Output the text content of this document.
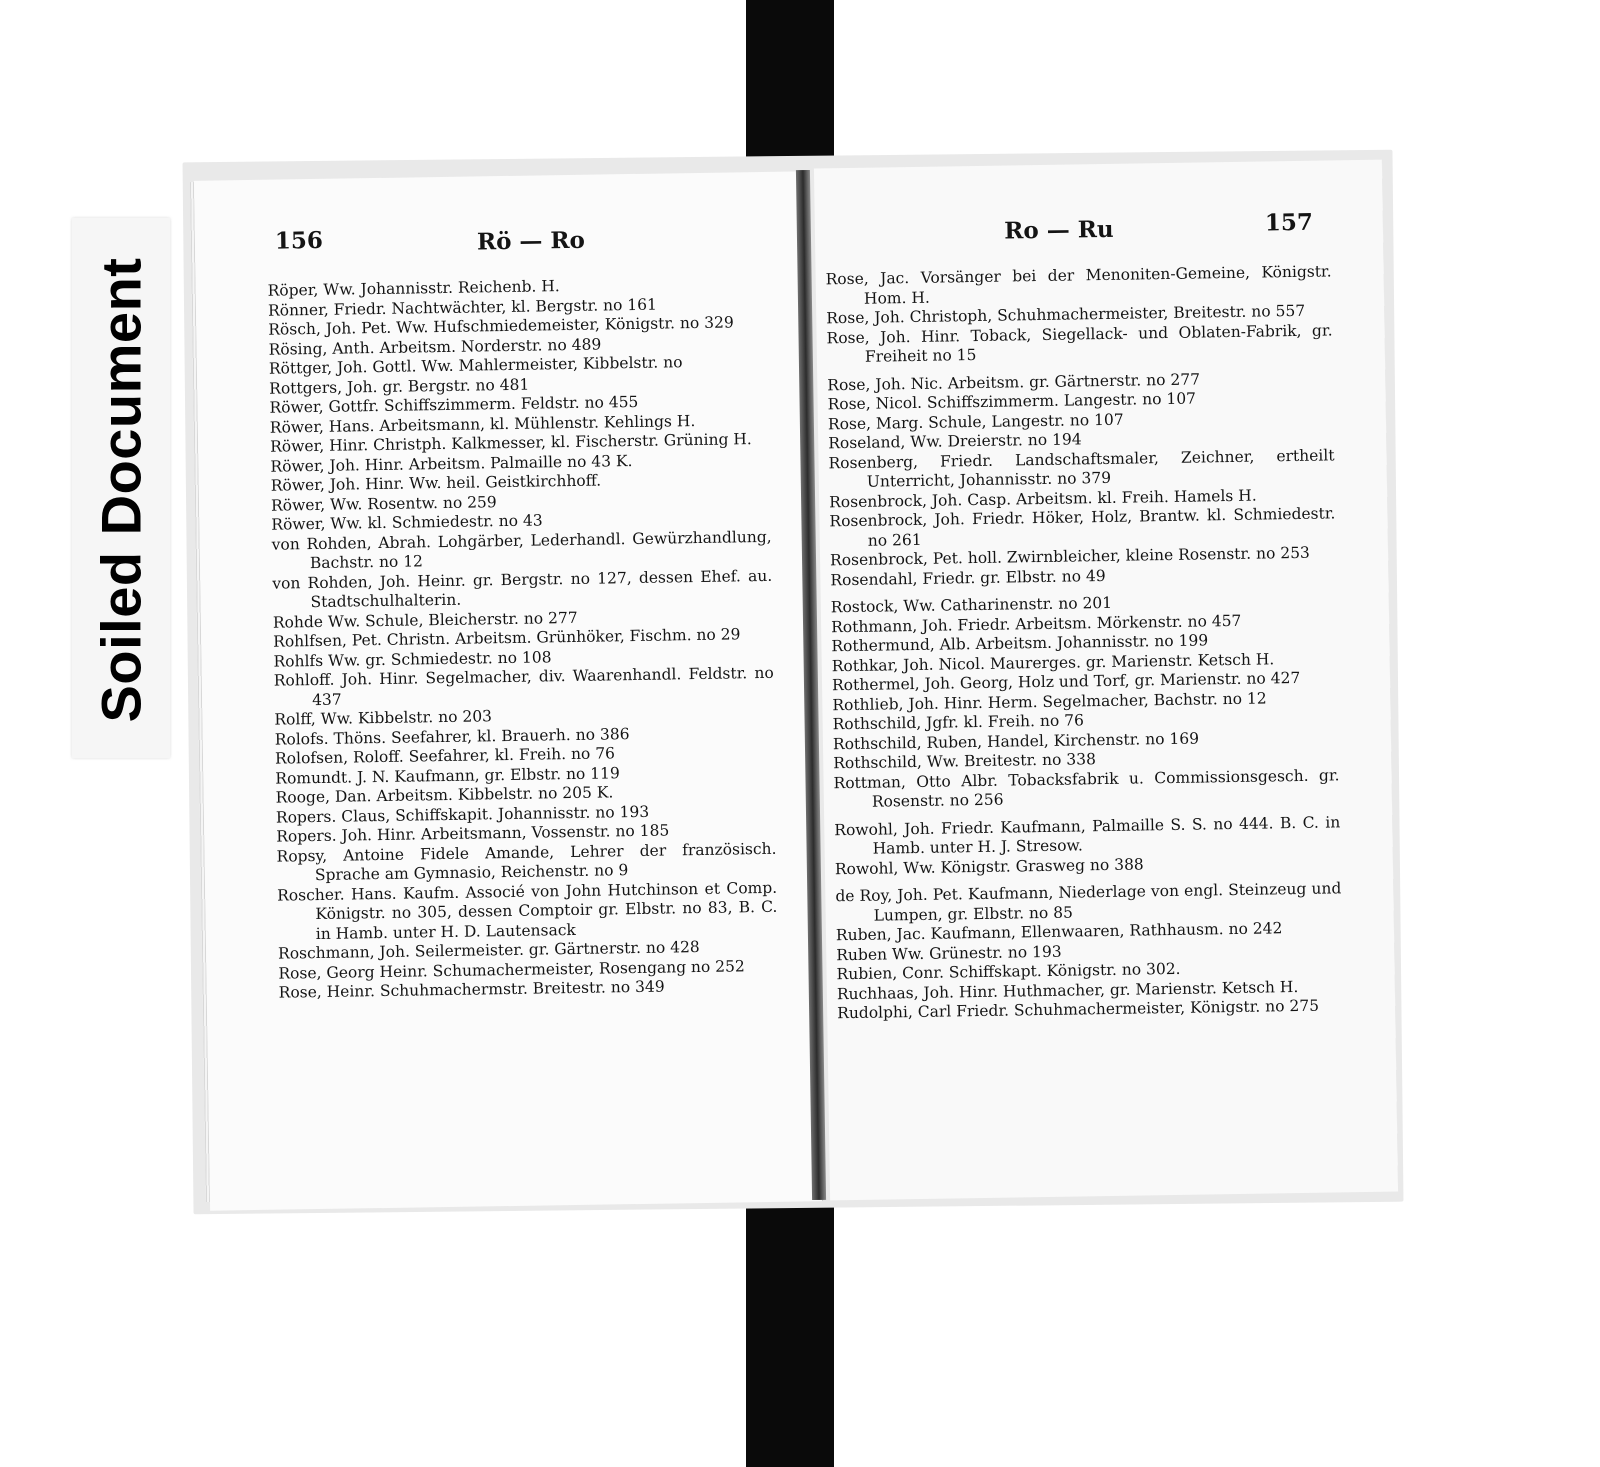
Soiled Document
156	Rö — Ro

Röper, Ww. Johannisstr. Reichenb. H.

Rönner, Friedr. Nachtwächter, kl. Bergstr. no 161

Rösch, Joh. Pet. Ww. Hufschmiedemeister, Königstr. no 329

Rösing, Anth. Arbeitsm. Norderstr. no 489

Röttger, Joh. Gottl. Ww. Mahlermeister, Kibbelstr. no

Rottgers, Joh. gr. Bergstr. no 481

Röwer, Gottfr. Schiffszimmerm. Feldstr. no 455

Röwer, Hans. Arbeitsmann, kl. Mühlenstr. Kehlings H.

Röwer, Hinr. Christph. Kalkmesser, kl. Fischerstr. Grüning H.

Röwer, Joh. Hinr. Arbeitsm. Palmaille no 43 K.

Röwer, Joh. Hinr. Ww. heil. Geistkirchhoff.

Röwer, Ww. Rosentw. no 259

Röwer, Ww. kl. Schmiedestr. no 43

von Rohden, Abrah. Lohgärber, Lederhandl. Gewürzhandlung, Bachstr. no 12

von Rohden, Joh. Heinr. gr. Bergstr. no 127, dessen Ehef. au. Stadtschulhalterin.

Rohde Ww. Schule, Bleicherstr. no 277

Rohlfsen, Pet. Christn. Arbeitsm. Grünhöker, Fischm. no 29

Rohlfs Ww. gr. Schmiedestr. no 108

Rohloff. Joh. Hinr. Segelmacher, div. Waarenhandl. Feldstr. no 437

Rolff, Ww. Kibbelstr. no 203

Rolofs. Thöns. Seefahrer, kl. Brauerh. no 386

Rolofsen, Roloff. Seefahrer, kl. Freih. no 76

Romundt. J. N. Kaufmann, gr. Elbstr. no 119

Rooge, Dan. Arbeitsm. Kibbelstr. no 205 K.

Ropers. Claus, Schiffskapit. Johannisstr. no 193

Ropers. Joh. Hinr. Arbeitsmann, Vossenstr. no 185

Ropsy, Antoine Fidele Amande, Lehrer der französisch. Sprache am Gymnasio, Reichenstr. no 9

Roscher. Hans. Kaufm. Associé von John Hutchinson et Comp. Königstr. no 305, dessen Comptoir gr. Elbstr. no 83, B. C. in Hamb. unter H. D. Lautensack

Roschmann, Joh. Seilermeister. gr. Gärtnerstr. no 428

Rose, Georg Heinr. Schumachermeister, Rosengang no 252

Rose, Heinr. Schuhmachermstr. Breitestr. no 349

Ro — Ru	157

Rose, Jac. Vorsänger bei der Menoniten-Gemeine, Königstr. Hom. H.

Rose, Joh. Christoph, Schuhmachermeister, Breitestr. no 557

Rose, Joh. Hinr. Toback, Siegellack- und Oblaten-Fabrik, gr. Freiheit no 15

Rose, Joh. Nic. Arbeitsm. gr. Gärtnerstr. no 277

Rose, Nicol. Schiffszimmerm. Langestr. no 107

Rose, Marg. Schule, Langestr. no 107

Roseland, Ww. Dreierstr. no 194

Rosenberg, Friedr. Landschaftsmaler, Zeichner, ertheilt Unterricht, Johannisstr. no 379

Rosenbrock, Joh. Casp. Arbeitsm. kl. Freih. Hamels H.

Rosenbrock, Joh. Friedr. Höker, Holz, Brantw. kl. Schmiedestr. no 261

Rosenbrock, Pet. holl. Zwirnbleicher, kleine Rosenstr. no 253

Rosendahl, Friedr. gr. Elbstr. no 49

Rostock, Ww. Catharinenstr. no 201

Rothmann, Joh. Friedr. Arbeitsm. Mörkenstr. no 457

Rothermund, Alb. Arbeitsm. Johannisstr. no 199

Rothkar, Joh. Nicol. Maurerges. gr. Marienstr. Ketsch H.

Rothermel, Joh. Georg, Holz und Torf, gr. Marienstr. no 427

Rothlieb, Joh. Hinr. Herm. Segelmacher, Bachstr. no 12

Rothschild, Jgfr. kl. Freih. no 76

Rothschild, Ruben, Handel, Kirchenstr. no 169

Rothschild, Ww. Breitestr. no 338

Rottman, Otto Albr. Tobacksfabrik u. Commissionsgesch. gr. Rosenstr. no 256

Rowohl, Joh. Friedr. Kaufmann, Palmaille S. S. no 444. B. C. in Hamb. unter H. J. Stresow.

Rowohl, Ww. Königstr. Grasweg no 388

de Roy, Joh. Pet. Kaufmann, Niederlage von engl. Steinzeug und Lumpen, gr. Elbstr. no 85

Ruben, Jac. Kaufmann, Ellenwaaren, Rathhausm. no 242

Ruben Ww. Grünestr. no 193

Rubien, Conr. Schiffskapt. Königstr. no 302.

Ruchhaas, Joh. Hinr. Huthmacher, gr. Marienstr. Ketsch H.

Rudolphi, Carl Friedr. Schuhmachermeister, Königstr. no 275
